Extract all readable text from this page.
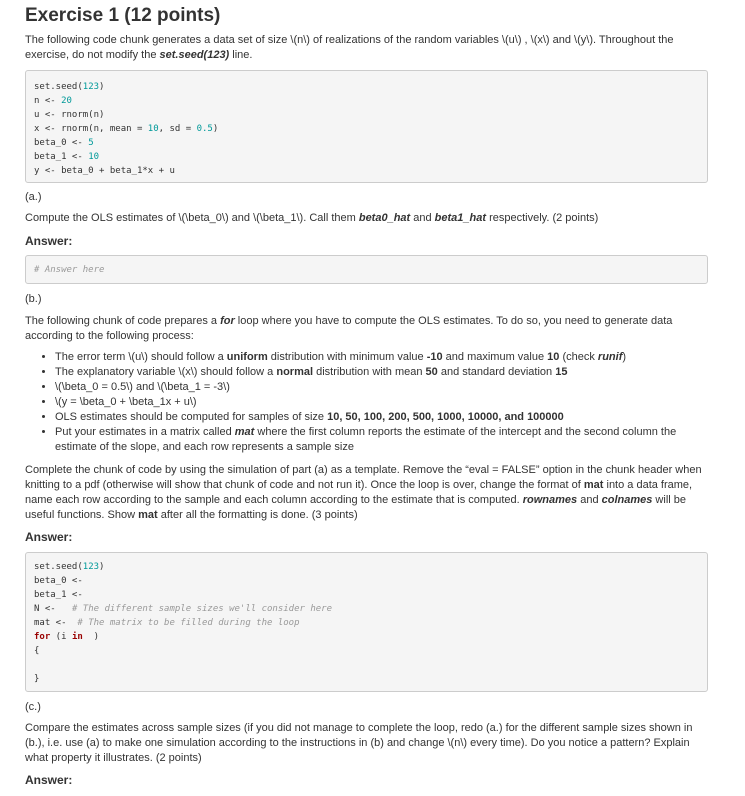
Exercise 1 (12 points)

The following code chunk generates a data set of size \(n\) of realizations of the random variables \(u\) , \(x\) and \(y\). Throughout the exercise, do not modify the set.seed(123) line.

set.seed(123)
n <- 20
u <- rnorm(n)
x <- rnorm(n, mean = 10, sd = 0.5)
beta_0 <- 5
beta_1 <- 10
y <- beta_0 + beta_1*x + u

(a.)

Compute the OLS estimates of \(\beta_0\) and \(\beta_1\). Call them beta0_hat and beta1_hat respectively. (2 points)

Answer:

# Answer here

(b.)

The following chunk of code prepares a for loop where you have to compute the OLS estimates. To do so, you need to generate data according to the following process:

• The error term \(u\) should follow a uniform distribution with minimum value -10 and maximum value 10 (check runif)
• The explanatory variable \(x\) should follow a normal distribution with mean 50 and standard deviation 15
• \(\beta_0 = 0.5\) and \(\beta_1 = -3\)
• \(y = \beta_0 + \beta_1x + u\)
• OLS estimates should be computed for samples of size 10, 50, 100, 200, 500, 1000, 10000, and 100000
• Put your estimates in a matrix called mat where the first column reports the estimate of the intercept and the second column the estimate of the slope, and each row represents a sample size

Complete the chunk of code by using the simulation of part (a) as a template. Remove the “eval = FALSE” option in the chunk header when knitting to a pdf (otherwise will show that chunk of code and not run it). Once the loop is over, change the format of mat into a data frame, name each row according to the sample and each column according to the estimate that is computed. rownames and colnames will be useful functions. Show mat after all the formatting is done. (3 points)

Answer:

set.seed(123)
beta_0 <-
beta_1 <-
N <-   # The different sample sizes we'll consider here
mat <-  # The matrix to be filled during the loop
for (i in  )
{
}

(c.)

Compare the estimates across sample sizes (if you did not manage to complete the loop, redo (a.) for the different sample sizes shown in (b.), i.e. use (a) to make one simulation according to the instructions in (b) and change \(n\) every time). Do you notice a pattern? Explain what property it illustrates. (2 points)

Answer:
